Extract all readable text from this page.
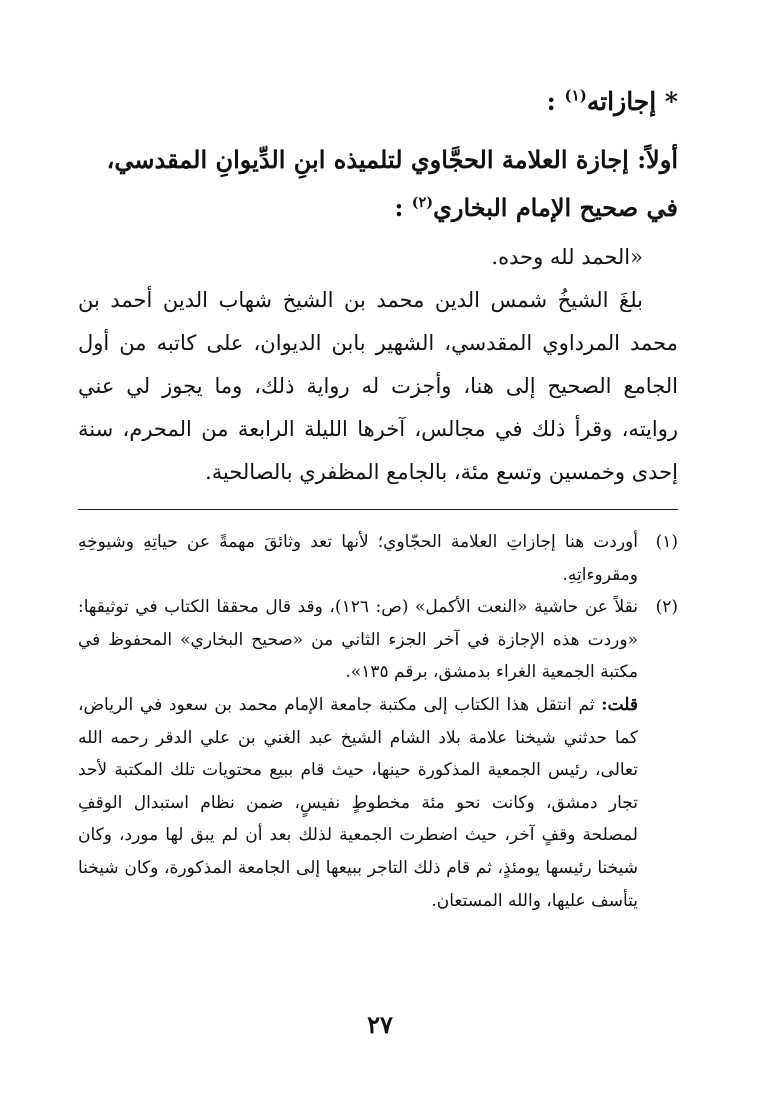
* إجازاته$^{(١)}$ :
أولاً: إجازة العلامة الحجَّاوي لتلميذه ابنِ الدِّيوانِ المقدسي، في صحيح الإمام البخاري$^{(٢)}$ :

«الحمد لله وحده.

بلغَ الشيخُ شمس الدين محمد بن الشيخ شهاب الدين أحمد بن محمد المرداوي المقدسي، الشهير بابن الديوان، على كاتبه من أول الجامع الصحيح إلى هنا، وأجزت له رواية ذلك، وما يجوز لي عني روايته، وقرأ ذلك في مجالس، آخرها الليلة الرابعة من المحرم، سنة إحدى وخمسين وتسع مئة، بالجامع المظفري بالصالحية.

(١)

أوردت هنا إجازاتِ العلامة الحجّاوي؛ لأنها تعد وثائقَ مهمةً عن حياتِهِ وشيوخِهِ ومقروءاتِهِ.

(٢)

نقلاً عن حاشية «النعت الأكمل» (ص: ١٢٦)، وقد قال محققا الكتاب في توثيقها: «وردت هذه الإجازة في آخر الجزء الثاني من «صحيح البخاري» المحفوظ في مكتبة الجمعية الغراء بدمشق، برقم ١٣٥».

قلت: ثم انتقل هذا الكتاب إلى مكتبة جامعة الإمام محمد بن سعود في الرياض، كما حدثني شيخنا علامة بلاد الشام الشيخ عبد الغني بن علي الدقر رحمه الله تعالى، رئيس الجمعية المذكورة حينها، حيث قام ببيع محتويات تلك المكتبة لأحد تجار دمشق، وكانت نحو مئة مخطوطٍ نفيسٍ، ضمن نظام استبدال الوقفِ لمصلحة وقفٍ آخر، حيث اضطرت الجمعية لذلك بعد أن لم يبق لها مورد، وكان شيخنا رئيسها يومئذٍ، ثم قام ذلك التاجر ببيعها إلى الجامعة المذكورة، وكان شيخنا يتأسف عليها، والله المستعان.

٢٧
